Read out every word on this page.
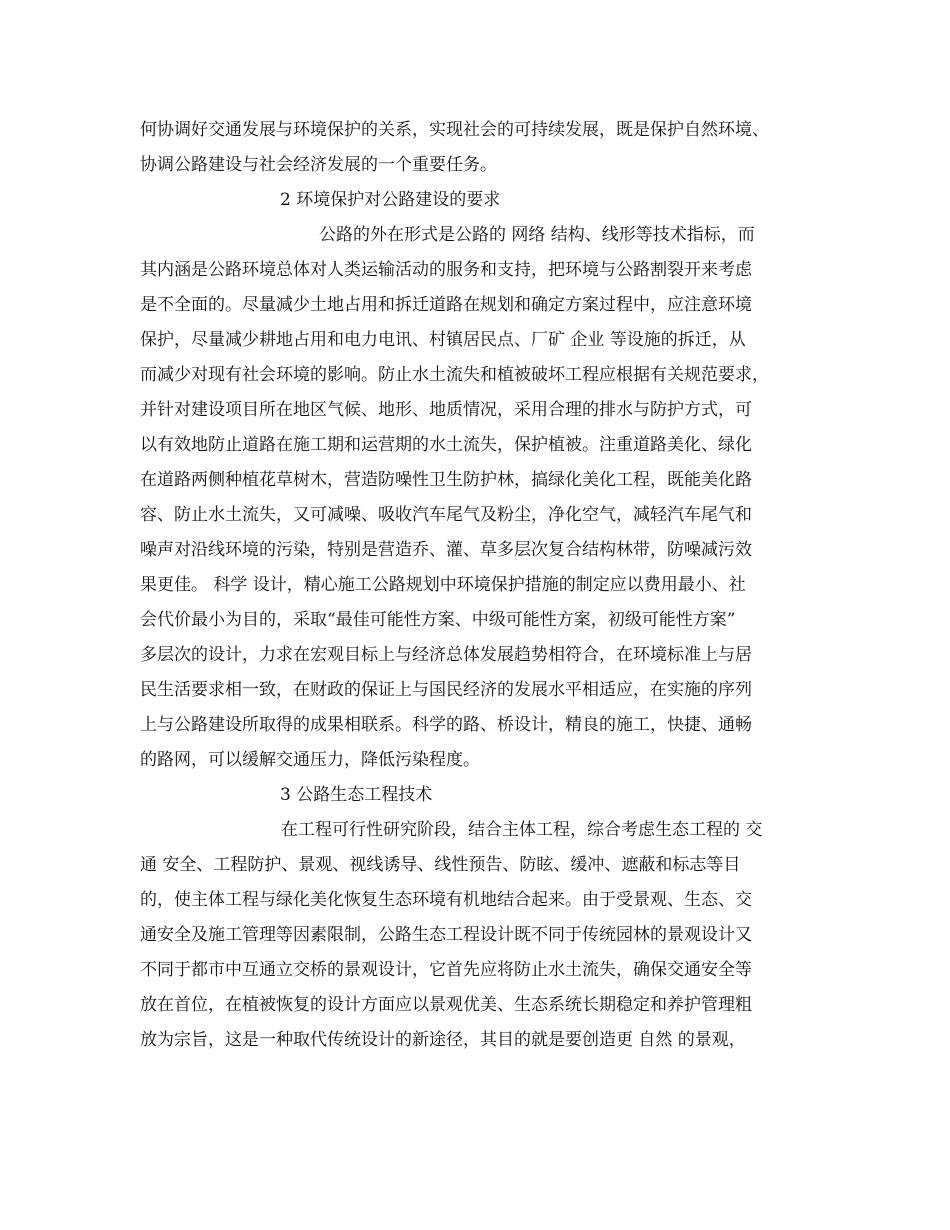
何协调好交通发展与环境保护的关系，实现社会的可持续发展，既是保护自然环境、
协调公路建设与社会经济发展的一个重要任务。
2 环境保护对公路建设的要求
公路的外在形式是公路的 网络 结构、线形等技术指标，而
其内涵是公路环境总体对人类运输活动的服务和支持，把环境与公路割裂开来考虑
是不全面的。尽量减少土地占用和拆迁道路在规划和确定方案过程中，应注意环境
保护，尽量减少耕地占用和电力电讯、村镇居民点、厂矿 企业 等设施的拆迁，从
而减少对现有社会环境的影响。防止水土流失和植被破坏工程应根据有关规范要求，
并针对建设项目所在地区气候、地形、地质情况，采用合理的排水与防护方式，可
以有效地防止道路在施工期和运营期的水土流失，保护植被。注重道路美化、绿化
在道路两侧种植花草树木，营造防噪性卫生防护林，搞绿化美化工程，既能美化路
容、防止水土流失，又可减噪、吸收汽车尾气及粉尘，净化空气，减轻汽车尾气和
噪声对沿线环境的污染，特别是营造乔、灌、草多层次复合结构林带，防噪减污效
果更佳。 科学 设计，精心施工公路规划中环境保护措施的制定应以费用最小、社
会代价最小为目的，采取“最佳可能性方案、中级可能性方案，初级可能性方案”
多层次的设计，力求在宏观目标上与经济总体发展趋势相符合，在环境标准上与居
民生活要求相一致，在财政的保证上与国民经济的发展水平相适应，在实施的序列
上与公路建设所取得的成果相联系。科学的路、桥设计，精良的施工，快捷、通畅
的路网，可以缓解交通压力，降低污染程度。
3 公路生态工程技术
在工程可行性研究阶段，结合主体工程，综合考虑生态工程的 交
通 安全、工程防护、景观、视线诱导、线性预告、防眩、缓冲、遮蔽和标志等目
的，使主体工程与绿化美化恢复生态环境有机地结合起来。由于受景观、生态、交
通安全及施工管理等因素限制，公路生态工程设计既不同于传统园林的景观设计又
不同于都市中互通立交桥的景观设计，它首先应将防止水土流失，确保交通安全等
放在首位，在植被恢复的设计方面应以景观优美、生态系统长期稳定和养护管理粗
放为宗旨，这是一种取代传统设计的新途径，其目的就是要创造更 自然 的景观，
